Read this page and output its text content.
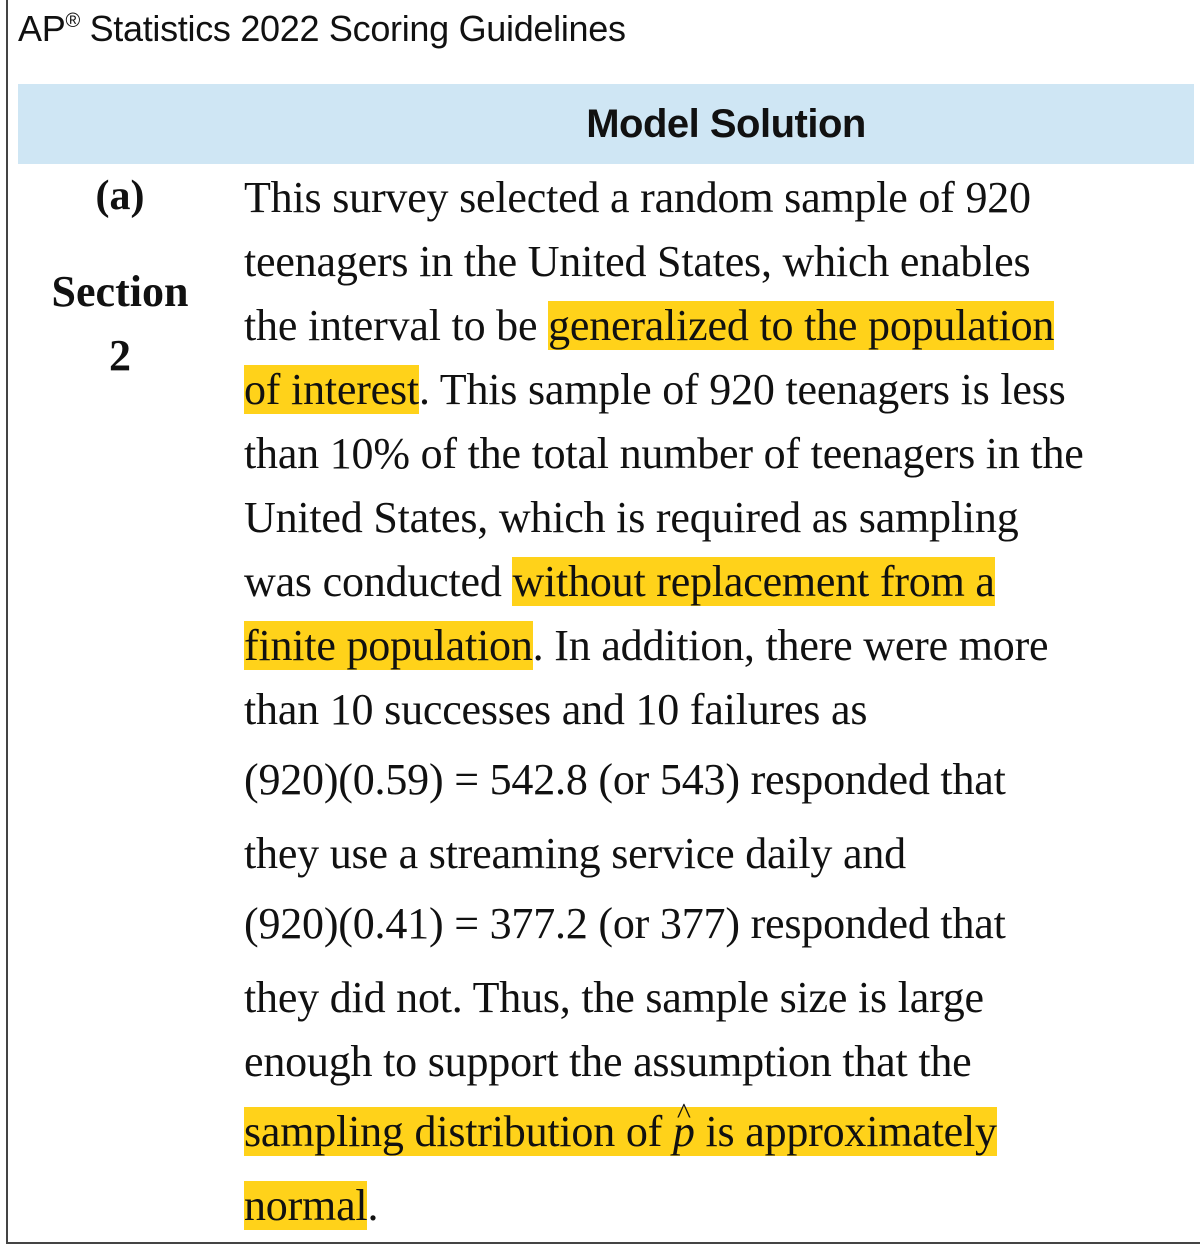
AP® Statistics 2022 Scoring Guidelines
Model Solution
(a)
Section
2
This survey selected a random sample of 920
teenagers in the United States, which enables
the interval to be generalized to the population
of interest. This sample of 920 teenagers is less
than 10% of the total number of teenagers in the
United States, which is required as sampling
was conducted without replacement from a
finite population. In addition, there were more
than 10 successes and 10 failures as
(920)(0.59) = 542.8 (or 543) responded that
they use a streaming service daily and
(920)(0.41) = 377.2 (or 377) responded that
they did not. Thus, the sample size is large
enough to support the assumption that the
sampling distribution of p ^ is approximately
normal.
